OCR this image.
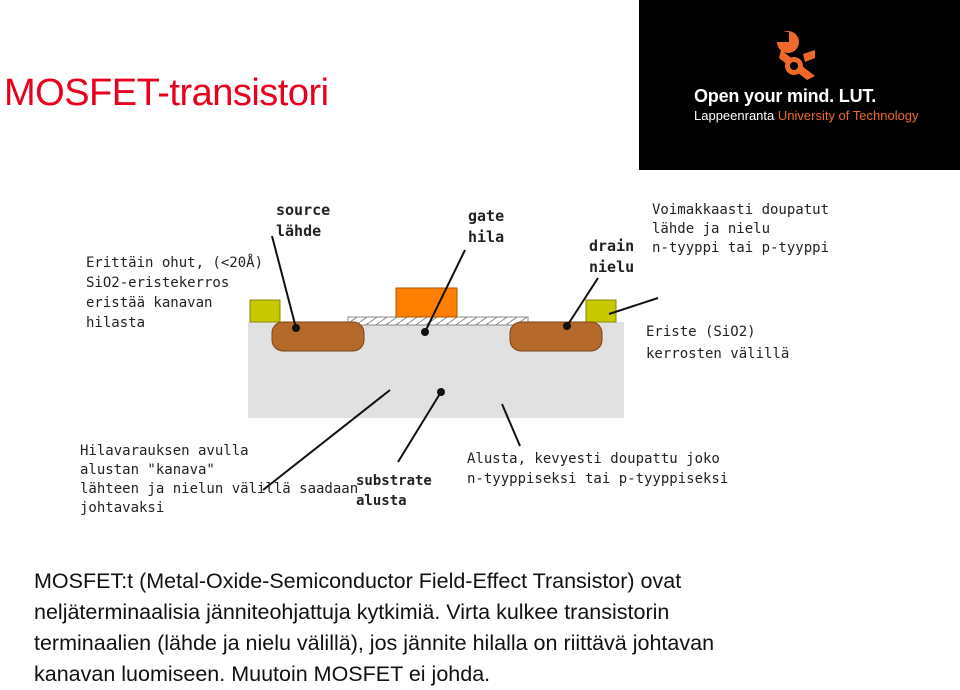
MOSFET-transistori	Open your mind. LUT.
Lappeenranta University of Technology
Erittäin ohut, (<20Å)
SiO2-eristekerros
eristää kanavan
hilasta
source
lähde
gate
hila	drain
nielu
Voimakkaasti doupatut
lähde ja nielu
n-tyyppi tai p-tyyppi
Eriste (SiO2)
kerrosten välillä
Hilavarauksen avulla
alustan "kanava"
lähteen ja nielun välillä saadaan
johtavaksi
substrate
alusta
Alusta, kevyesti doupattu joko
n-tyyppiseksi tai p-tyyppiseksi
MOSFET:t (Metal-Oxide-Semiconductor Field-Effect Transistor) ovat
neljäterminaalisia jänniteohjattuja kytkimiä. Virta kulkee transistorin
terminaalien (lähde ja nielu välillä), jos jännite hilalla on riittävä johtavan
kanavan luomiseen. Muutoin MOSFET ei johda.
